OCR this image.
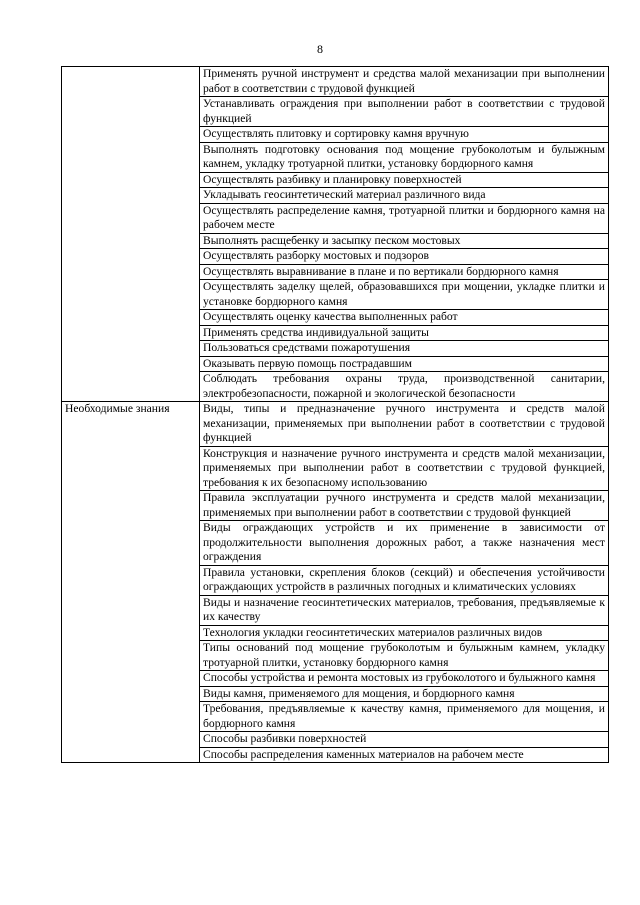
8
	Применять ручной инструмент и средства малой механизации при выполнении работ в соответствии с трудовой функцией
	Устанавливать ограждения при выполнении работ в соответствии с трудовой функцией
	Осуществлять плитовку и сортировку камня вручную
	Выполнять подготовку основания под мощение грубоколотым и булыжным камнем, укладку тротуарной плитки, установку бордюрного камня
	Осуществлять разбивку и планировку поверхностей
	Укладывать геосинтетический материал различного вида
	Осуществлять распределение камня, тротуарной плитки и бордюрного камня на рабочем месте
	Выполнять расщебенку и засыпку песком мостовых
	Осуществлять разборку мостовых и подзоров
	Осуществлять выравнивание в плане и по вертикали бордюрного камня
	Осуществлять заделку щелей, образовавшихся при мощении, укладке плитки и установке бордюрного камня
	Осуществлять оценку качества выполненных работ
	Применять средства индивидуальной защиты
	Пользоваться средствами пожаротушения
	Оказывать первую помощь пострадавшим
	Соблюдать требования охраны труда, производственной санитарии, электробезопасности, пожарной и экологической безопасности
Необходимые знания	Виды, типы и предназначение ручного инструмента и средств малой механизации, применяемых при выполнении работ в соответствии с трудовой функцией
	Конструкция и назначение ручного инструмента и средств малой механизации, применяемых при выполнении работ в соответствии с трудовой функцией, требования к их безопасному использованию
	Правила эксплуатации ручного инструмента и средств малой механизации, применяемых при выполнении работ в соответствии с трудовой функцией
	Виды ограждающих устройств и их применение в зависимости от продолжительности выполнения дорожных работ, а также назначения мест ограждения
	Правила установки, скрепления блоков (секций) и обеспечения устойчивости ограждающих устройств в различных погодных и климатических условиях
	Виды и назначение геосинтетических материалов, требования, предъявляемые к их качеству
	Технология укладки геосинтетических материалов различных видов
	Типы оснований под мощение грубоколотым и булыжным камнем, укладку тротуарной плитки, установку бордюрного камня
	Способы устройства и ремонта мостовых из грубоколотого и булыжного камня
	Виды камня, применяемого для мощения, и бордюрного камня
	Требования, предъявляемые к качеству камня, применяемого для мощения, и бордюрного камня
	Способы разбивки поверхностей
	Способы распределения каменных материалов на рабочем месте
